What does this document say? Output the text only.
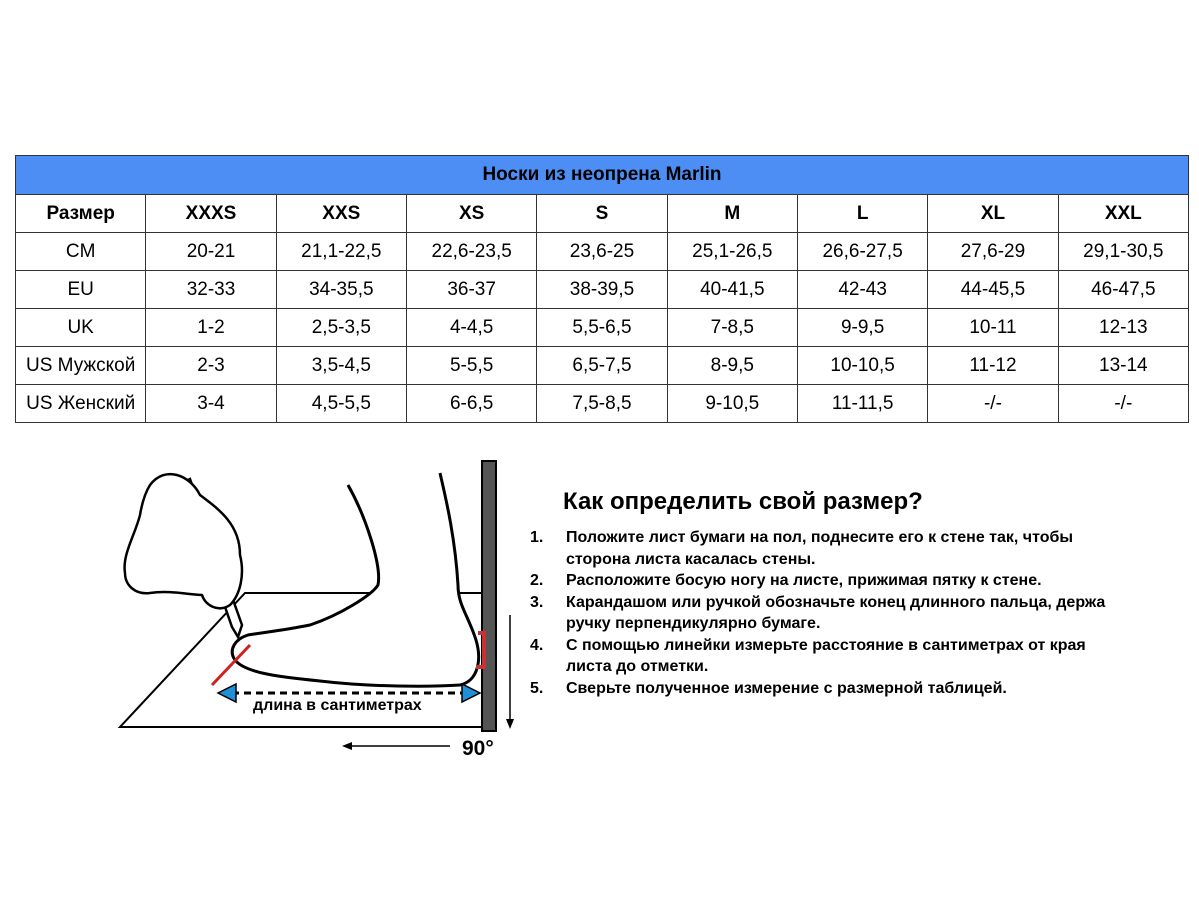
Носки из неопрена Marlin								
Размер	XXXS	XXS	XS	S	M	L	XL	XXL
CM	20-21	21,1-22,5	22,6-23,5	23,6-25	25,1-26,5	26,6-27,5	27,6-29	29,1-30,5
EU	32-33	34-35,5	36-37	38-39,5	40-41,5	42-43	44-45,5	46-47,5
UK	1-2	2,5-3,5	4-4,5	5,5-6,5	7-8,5	9-9,5	10-11	12-13
US Мужской	2-3	3,5-4,5	5-5,5	6,5-7,5	8-9,5	10-10,5	11-12	13-14
US Женский	3-4	4,5-5,5	6-6,5	7,5-8,5	9-10,5	11-11,5	-/-	-/-
длина в сантиметрах
90°
Как определить свой размер?
1.	Положите лист бумаги на пол, поднесите его к стене так, чтобы сторона листа касалась стены.
2.	Расположите босую ногу на листе, прижимая пятку к стене.
3.	Карандашом или ручкой обозначьте конец длинного пальца, держа ручку перпендикулярно бумаге.
4.	С помощью линейки измерьте расстояние в сантиметрах от края листа до отметки.
5.	Сверьте полученное измерение с размерной таблицей.
